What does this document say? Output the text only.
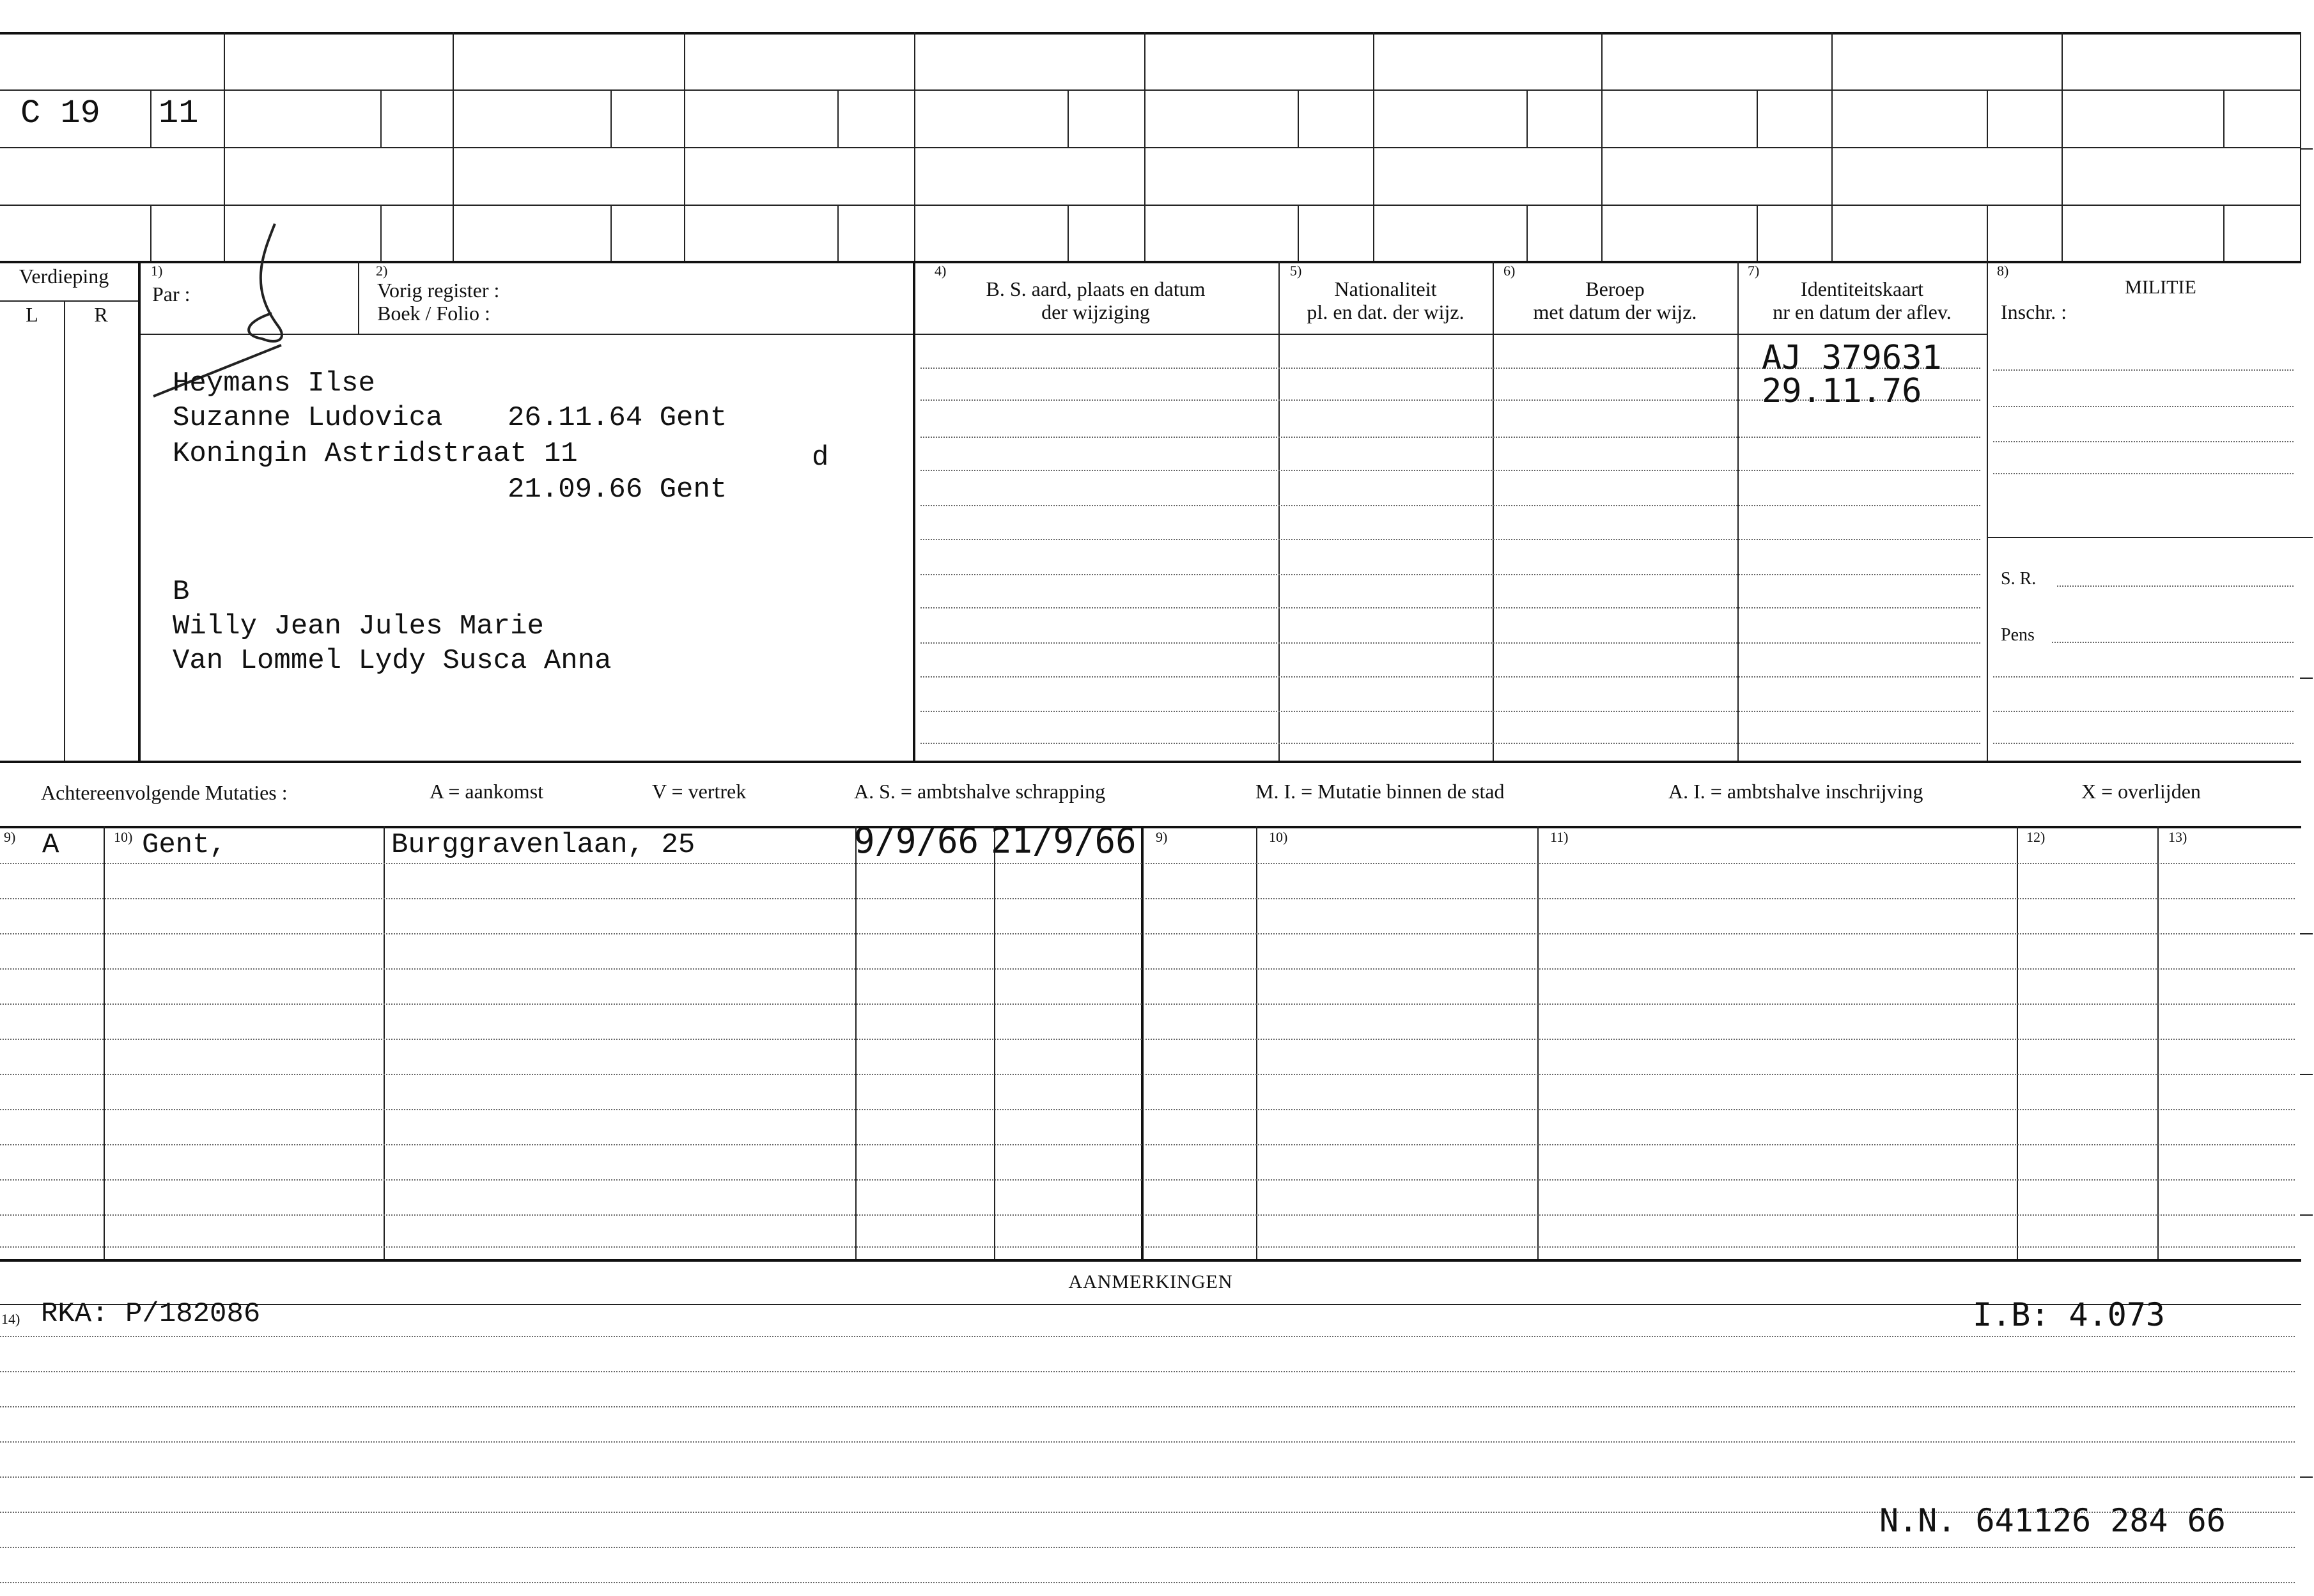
C 19 11
Verdieping
L	R
1)
Par :
2)
Vorig register :
Boek / Folio :
4)
B. S. aard, plaats en datum
der wijziging
5)
Nationaliteit
pl. en dat. der wijz.
6)
Beroep
met datum der wijz.
7)
Identiteitskaart
nr en datum der aflev.
8)
MILITIE
Inschr. :
S. R.
Pens
Heymans Ilse
Suzanne Ludovica 26.11.64 Gent
Koningin Astridstraat 11	d
21.09.66 Gent
B
Willy Jean Jules Marie
Van Lommel Lydy Susca Anna
AJ 379631
29.11.76
Achtereenvolgende Mutaties :	A = aankomst	V = vertrek	A. S. = ambtshalve schrapping	M. I. = Mutatie binnen de stad	A. I. = ambtshalve inschrijving	X = overlijden
9) A	10) Gent,	Burggravenlaan, 25	9/9/66 21/9/66 9)	10)	11)	12)	13)
AANMERKINGEN
14) RKA: P/182086	I.B: 4.073
N.N. 641126 284 66
